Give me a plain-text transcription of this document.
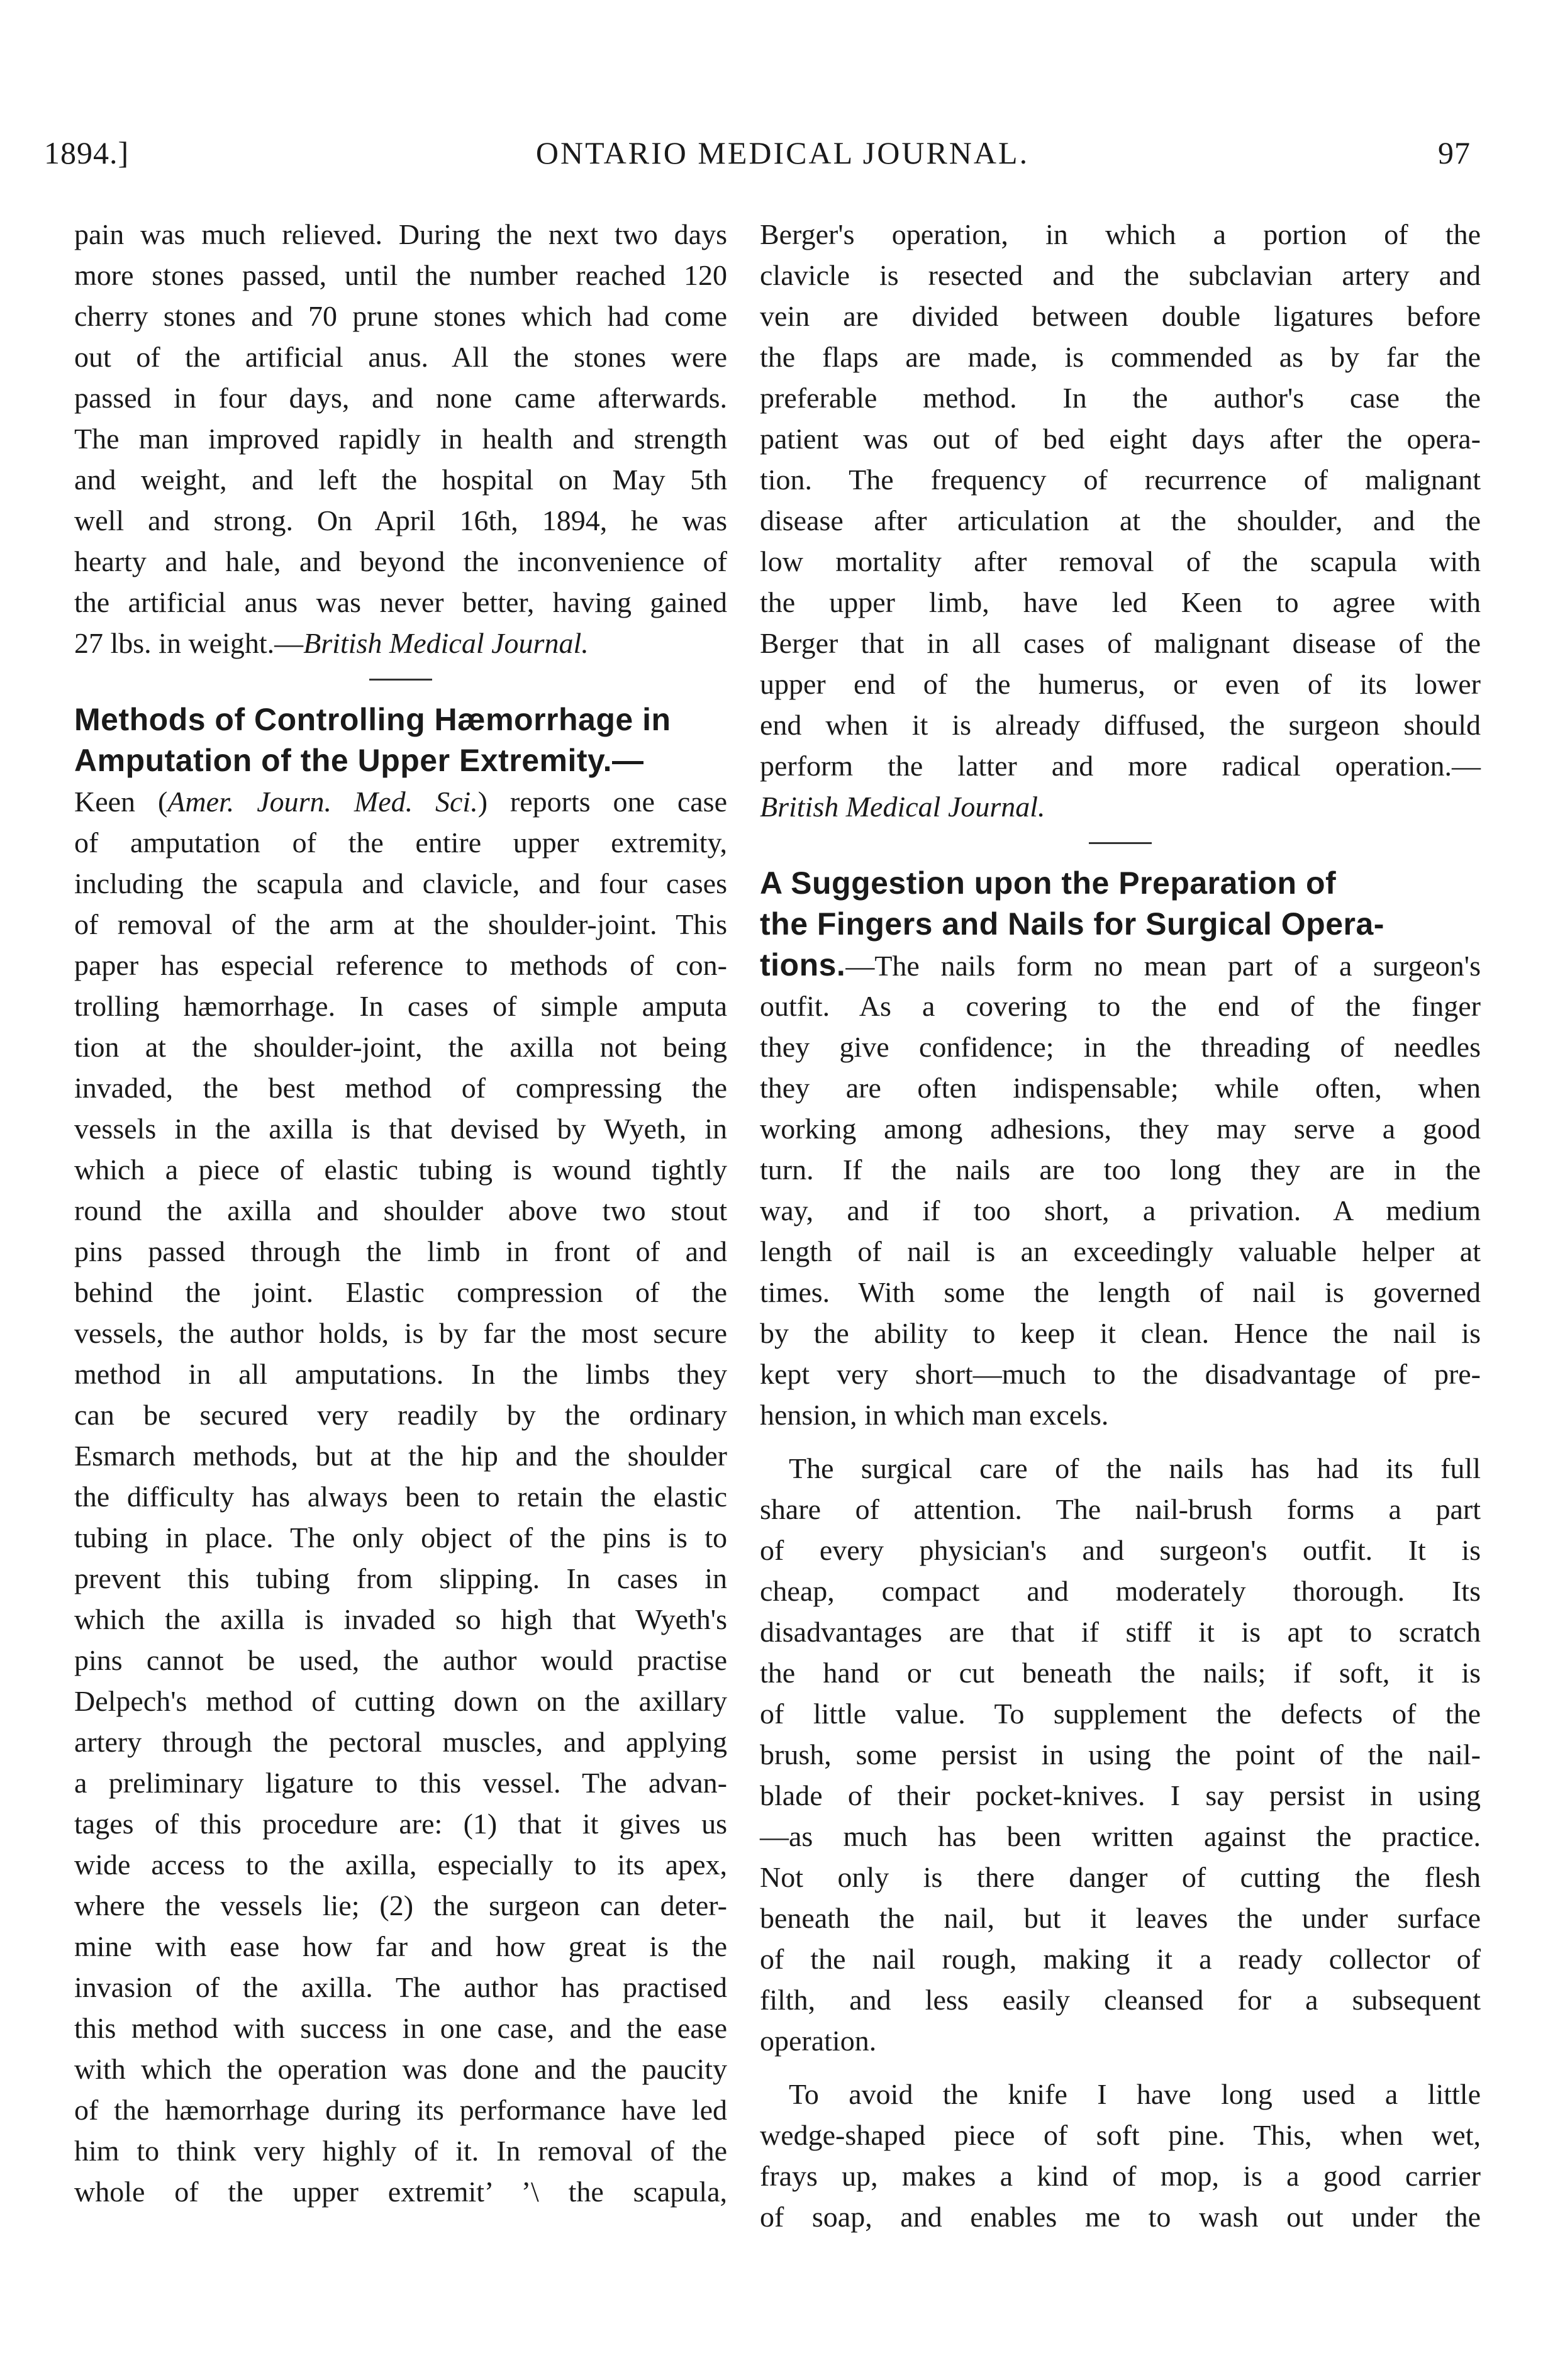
ONTARIO MEDICAL JOURNAL.
1894.]	97
pain was much relieved. During the next two days
more stones passed, until the number reached 120
cherry stones and 70 prune stones which had come
out of the artificial anus. All the stones were
passed in four days, and none came afterwards.
The man improved rapidly in health and strength
and weight, and left the hospital on May 5th
well and strong. On April 16th, 1894, he was
hearty and hale, and beyond the inconvenience of
the artificial anus was never better, having gained
27 lbs. in weight.—British Medical Journal.
Methods of Controlling Hæmorrhage in
Amputation of the Upper Extremity.—
Keen (Amer. Journ. Med. Sci.) reports one case
of amputation of the entire upper extremity,
including the scapula and clavicle, and four cases
of removal of the arm at the shoulder-joint. This
paper has especial reference to methods of con-
trolling hæmorrhage. In cases of simple amputa
tion at the shoulder-joint, the axilla not being
invaded, the best method of compressing the
vessels in the axilla is that devised by Wyeth, in
which a piece of elastic tubing is wound tightly
round the axilla and shoulder above two stout
pins passed through the limb in front of and
behind the joint. Elastic compression of the
vessels, the author holds, is by far the most secure
method in all amputations. In the limbs they
can be secured very readily by the ordinary
Esmarch methods, but at the hip and the shoulder
the difficulty has always been to retain the elastic
tubing in place. The only object of the pins is to
prevent this tubing from slipping. In cases in
which the axilla is invaded so high that Wyeth's
pins cannot be used, the author would practise
Delpech's method of cutting down on the axillary
artery through the pectoral muscles, and applying
a preliminary ligature to this vessel. The advan-
tages of this procedure are: (1) that it gives us
wide access to the axilla, especially to its apex,
where the vessels lie; (2) the surgeon can deter-
mine with ease how far and how great is the
invasion of the axilla. The author has practised
this method with success in one case, and the ease
with which the operation was done and the paucity
of the hæmorrhage during its performance have led
him to think very highly of it. In removal of the
whole of the upper extremit’ ’\ the scapula,
Berger's operation, in which a portion of the
clavicle is resected and the subclavian artery and
vein are divided between double ligatures before
the flaps are made, is commended as by far the
preferable method. In the author's case the
patient was out of bed eight days after the opera-
tion. The frequency of recurrence of malignant
disease after articulation at the shoulder, and the
low mortality after removal of the scapula with
the upper limb, have led Keen to agree with
Berger that in all cases of malignant disease of the
upper end of the humerus, or even of its lower
end when it is already diffused, the surgeon should
perform the latter and more radical operation.—
British Medical Journal.
A Suggestion upon the Preparation of
the Fingers and Nails for Surgical Opera-
tions.—The nails form no mean part of a surgeon's
outfit. As a covering to the end of the finger
they give confidence; in the threading of needles
they are often indispensable; while often, when
working among adhesions, they may serve a good
turn. If the nails are too long they are in the
way, and if too short, a privation. A medium
length of nail is an exceedingly valuable helper at
times. With some the length of nail is governed
by the ability to keep it clean. Hence the nail is
kept very short—much to the disadvantage of pre-
hension, in which man excels.
The surgical care of the nails has had its full
share of attention. The nail-brush forms a part
of every physician's and surgeon's outfit. It is
cheap, compact and moderately thorough. Its
disadvantages are that if stiff it is apt to scratch
the hand or cut beneath the nails; if soft, it is
of little value. To supplement the defects of the
brush, some persist in using the point of the nail-
blade of their pocket-knives. I say persist in using
—as much has been written against the practice.
Not only is there danger of cutting the flesh
beneath the nail, but it leaves the under surface
of the nail rough, making it a ready collector of
filth, and less easily cleansed for a subsequent
operation.
To avoid the knife I have long used a little
wedge-shaped piece of soft pine. This, when wet,
frays up, makes a kind of mop, is a good carrier
of soap, and enables me to wash out under the
